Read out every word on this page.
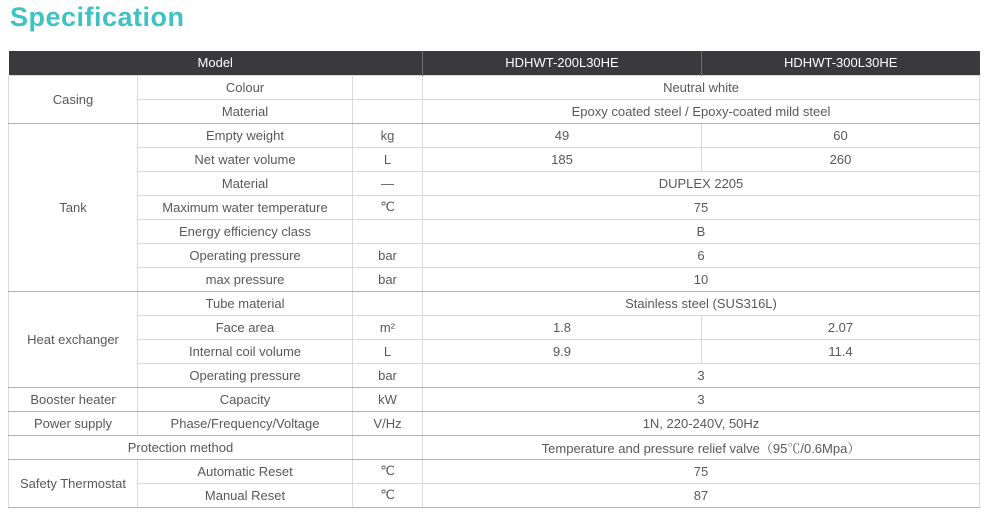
Specification
Model			HDHWT-200L30HE	HDHWT-300L30HE
Casing	Colour		Neutral white	
	Material		Epoxy coated steel / Epoxy-coated mild steel	
Tank	Empty weight	kg	49	60
	Net water volume	L	185	260
	Material	—	DUPLEX 2205	
	Maximum water temperature	℃	75	
	Energy efficiency class		B	
	Operating pressure	bar	6	
	max pressure	bar	10	
Heat exchanger	Tube material		Stainless steel (SUS316L)	
	Face area	m²	1.8	2.07
	Internal coil volume	L	9.9	11.4
	Operating pressure	bar	3	
Booster heater	Capacity	kW	3	
Power supply	Phase/Frequency/Voltage	V/Hz	1N, 220-240V, 50Hz	
Protection method			Temperature and pressure relief valve（95℃/0.6Mpa）	
Safety Thermostat	Automatic Reset	℃	75	
	Manual Reset	℃	87	
